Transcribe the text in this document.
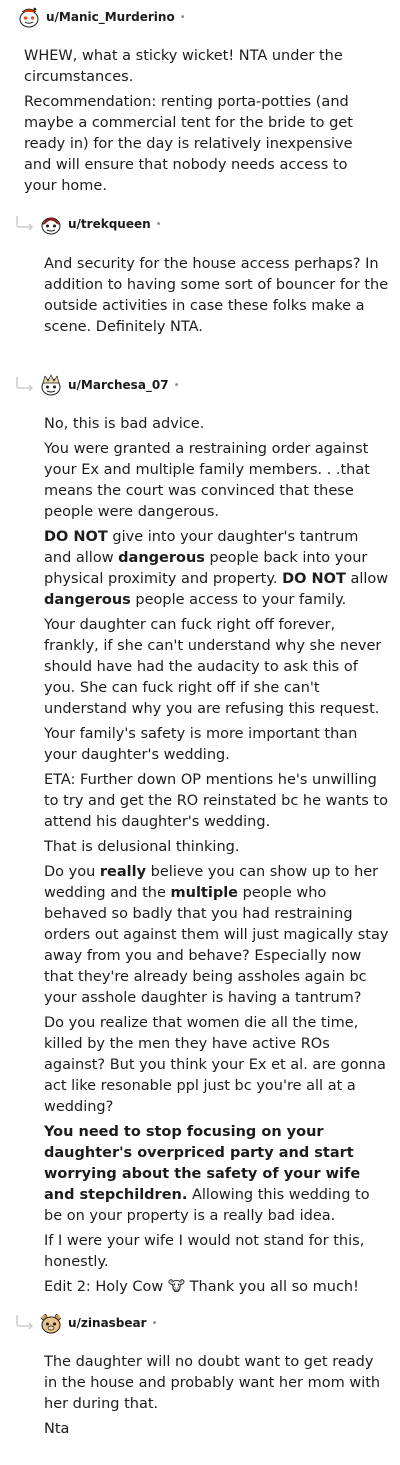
u/Manic_Murderino •

WHEW, what a sticky wicket! NTA under the circumstances.

Recommendation: renting porta-potties (and maybe a commercial tent for the bride to get ready in) for the day is relatively inexpensive and will ensure that nobody needs access to your home.

u/trekqueen •

And security for the house access perhaps? In addition to having some sort of bouncer for the outside activities in case these folks make a scene. Definitely NTA.

u/Marchesa_07 •

No, this is bad advice.

You were granted a restraining order against your Ex and multiple family members. . .that means the court was convinced that these people were dangerous.

DO NOT give into your daughter's tantrum and allow dangerous people back into your physical proximity and property. DO NOT allow dangerous people access to your family.

Your daughter can fuck right off forever, frankly, if she can't understand why she never should have had the audacity to ask this of you. She can fuck right off if she can't understand why you are refusing this request.

Your family's safety is more important than your daughter's wedding.

ETA: Further down OP mentions he's unwilling to try and get the RO reinstated bc he wants to attend his daughter's wedding.

That is delusional thinking.

Do you really believe you can show up to her wedding and the multiple people who behaved so badly that you had restraining orders out against them will just magically stay away from you and behave? Especially now that they're already being assholes again bc your asshole daughter is having a tantrum?

Do you realize that women die all the time, killed by the men they have active ROs against? But you think your Ex et al. are gonna act like resonable ppl just bc you're all at a wedding?

You need to stop focusing on your daughter's overpriced party and start worrying about the safety of your wife and stepchildren. Allowing this wedding to be on your property is a really bad idea.

If I were your wife I would not stand for this, honestly.

Edit 2: Holy Cow 🐮 Thank you all so much!

u/zinasbear •

The daughter will no doubt want to get ready in the house and probably want her mom with her during that.

Nta
